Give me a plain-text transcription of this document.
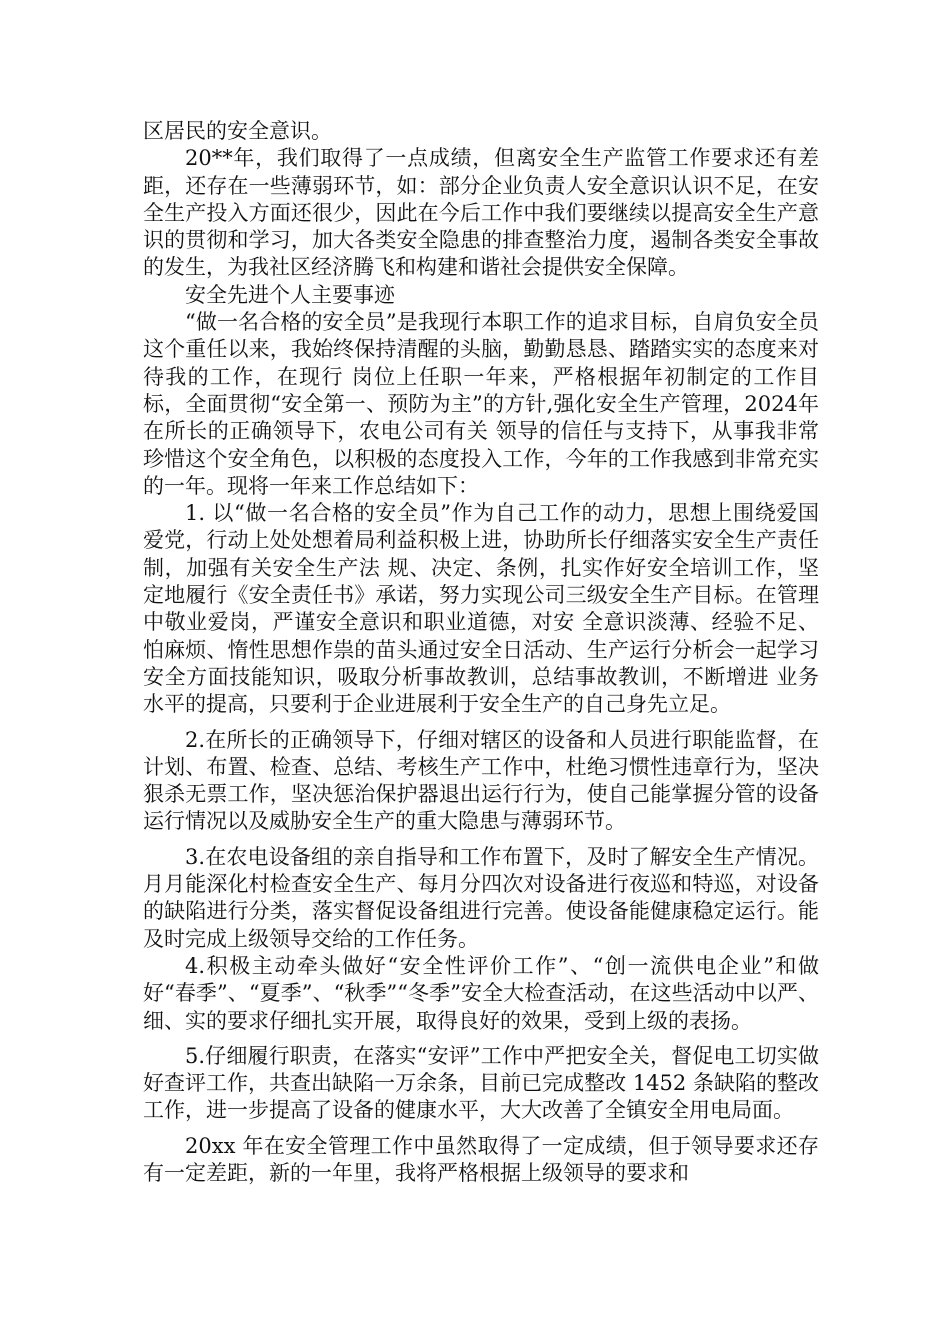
区居民的安全意识。

20**年，我们取得了一点成绩，但离安全生产监管工作要求还有差距，还存在一些薄弱环节，如：部分企业负责人安全意识认识不足，在安全生产投入方面还很少，因此在今后工作中我们要继续以提高安全生产意识的贯彻和学习，加大各类安全隐患的排查整治力度，遏制各类安全事故的发生，为我社区经济腾飞和构建和谐社会提供安全保障。

安全先进个人主要事迹

“做一名合格的安全员”是我现行本职工作的追求目标，自肩负安全员这个重任以来，我始终保持清醒的头脑，勤勤恳恳、踏踏实实的态度来对待我的工作，在现行 岗位上任职一年来，严格根据年初制定的工作目标，全面贯彻“安全第一、预防为主”的方针,强化安全生产管理，2024年在所长的正确领导下，农电公司有关 领导的信任与支持下，从事我非常珍惜这个安全角色，以积极的态度投入工作，今年的工作我感到非常充实的一年。现将一年来工作总结如下：

1. 以“做一名合格的安全员”作为自己工作的动力，思想上围绕爱国爱党，行动上处处想着局利益积极上进，协助所长仔细落实安全生产责任制，加强有关安全生产法 规、决定、条例，扎实作好安全培训工作，坚定地履行《安全责任书》承诺，努力实现公司三级安全生产目标。在管理中敬业爱岗，严谨安全意识和职业道德，对安 全意识淡薄、经验不足、怕麻烦、惰性思想作祟的苗头通过安全日活动、生产运行分析会一起学习安全方面技能知识，吸取分析事故教训，总结事故教训，不断增进 业务水平的提高，只要利于企业进展利于安全生产的自己身先立足。

2.在所长的正确领导下，仔细对辖区的设备和人员进行职能监督，在计划、布置、检查、总结、考核生产工作中，杜绝习惯性违章行为，坚决狠杀无票工作，坚决惩治保护器退出运行行为，使自己能掌握分管的设备运行情况以及威胁安全生产的重大隐患与薄弱环节。

3.在农电设备组的亲自指导和工作布置下，及时了解安全生产情况。月月能深化村检查安全生产、每月分四次对设备进行夜巡和特巡，对设备的缺陷进行分类，落实督促设备组进行完善。使设备能健康稳定运行。能及时完成上级领导交给的工作任务。

4.积极主动牵头做好“安全性评价工作”、“创一流供电企业”和做好“春季”、“夏季”、“秋季”“冬季”安全大检查活动，在这些活动中以严、细、实的要求仔细扎实开展，取得良好的效果，受到上级的表扬。

5.仔细履行职责，在落实“安评”工作中严把安全关，督促电工切实做好查评工作，共查出缺陷一万余条，目前已完成整改 1452 条缺陷的整改工作，进一步提高了设备的健康水平，大大改善了全镇安全用电局面。

20xx 年在安全管理工作中虽然取得了一定成绩，但于领导要求还存有一定差距，新的一年里，我将严格根据上级领导的要求和
